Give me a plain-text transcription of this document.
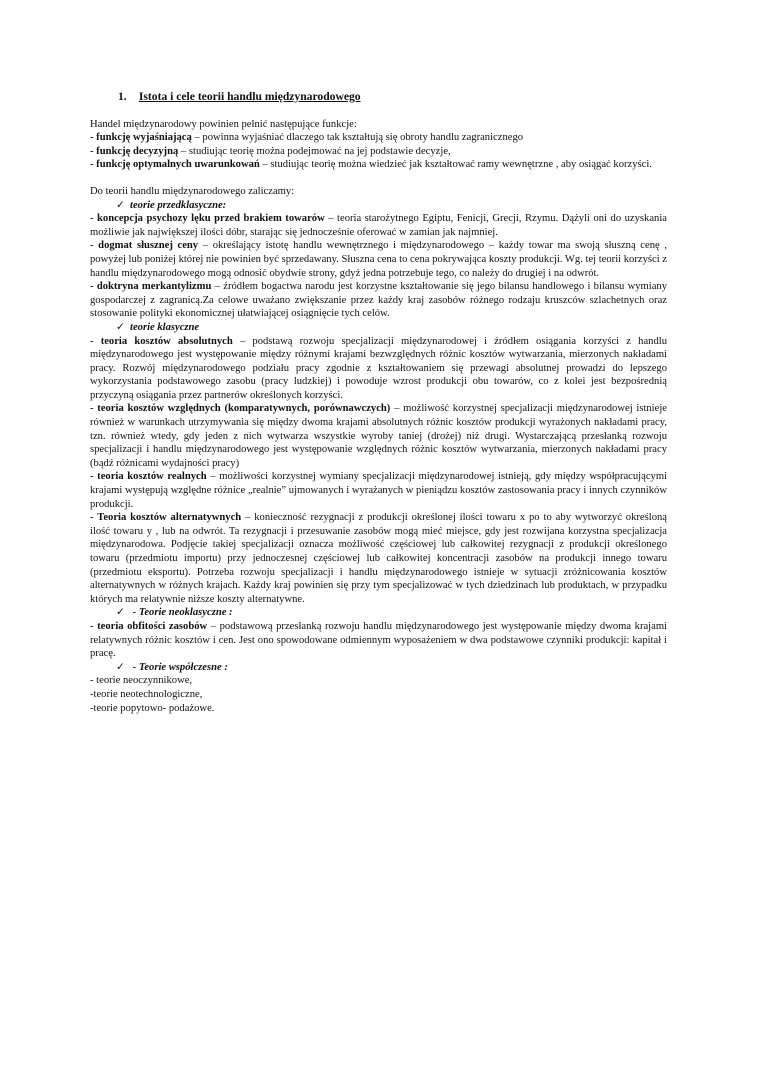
1. Istota i cele teorii handlu międzynarodowego

Handel międzynarodowy powinien pełnić następujące funkcje:

- funkcję wyjaśniającą – powinna wyjaśniać dlaczego tak kształtują się obroty handlu zagranicznego

- funkcję decyzyjną – studiując teorię można podejmować na jej podstawie decyzje,

- funkcję optymalnych uwarunkowań – studiując teorię można wiedzieć jak kształtować ramy wewnętrzne , aby osiągać korzyści.

Do teorii handlu międzynarodowego zaliczamy:

✓ teorie przedklasyczne:

- koncepcja psychozy lęku przed brakiem towarów – teoria starożytnego Egiptu, Fenicji, Grecji, Rzymu. Dążyli oni do uzyskania możliwie jak największej ilości dóbr, starając się jednocześnie oferować w zamian jak najmniej.

- dogmat słusznej ceny – określający istotę handlu wewnętrznego i międzynarodowego – każdy towar ma swoją słuszną cenę , powyżej lub poniżej której nie powinien być sprzedawany. Słuszna cena to cena pokrywająca koszty produkcji. Wg. tej teorii korzyści z handlu międzynarodowego mogą odnosić obydwie strony, gdyż jedna potrzebuje tego, co należy do drugiej i na odwrót.

- doktryna merkantylizmu – źródłem bogactwa narodu jest korzystne kształtowanie się jego bilansu handlowego i bilansu wymiany gospodarczej z zagranicą.Za celowe uważano zwiększanie przez każdy kraj zasobów różnego rodzaju kruszców szlachetnych oraz stosowanie polityki ekonomicznej ułatwiającej osiągnięcie tych celów.

✓ teorie klasyczne

- teoria kosztów absolutnych – podstawą rozwoju specjalizacji międzynarodowej i źródłem osiągania korzyści z handlu międzynarodowego jest występowanie między różnymi krajami bezwzględnych różnic kosztów wytwarzania, mierzonych nakładami pracy. Rozwój międzynarodowego podziału pracy zgodnie z kształtowaniem się przewagi absolutnej prowadzi do lepszego wykorzystania podstawowego zasobu (pracy ludzkiej) i powoduje wzrost produkcji obu towarów, co z kolei jest bezpośrednią przyczyną osiągania przez partnerów określonych korzyści.

- teoria kosztów względnych (komparatywnych, porównawczych) – możliwość korzystnej specjalizacji międzynarodowej istnieje również w warunkach utrzymywania się między dwoma krajami absolutnych różnic kosztów produkcji wyrażonych nakładami pracy, tzn. również wtedy, gdy jeden z nich wytwarza wszystkie wyroby taniej (drożej) niż drugi. Wystarczającą przesłanką rozwoju specjalizacji i handlu międzynarodowego jest występowanie względnych różnic kosztów wytwarzania, mierzonych nakładami pracy (bądź różnicami wydajności pracy)

- teoria kosztów realnych – możliwości korzystnej wymiany specjalizacji międzynarodowej istnieją, gdy między współpracującymi krajami występują względne różnice „realnie” ujmowanych i wyrażanych w pieniądzu kosztów zastosowania pracy i innych czynników produkcji.

- Teoria kosztów alternatywnych – konieczność rezygnacji z produkcji określonej ilości towaru x po to aby wytworzyć określoną ilość towaru y , lub na odwrót. Ta rezygnacji i przesuwanie zasobów mogą mieć miejsce, gdy jest rozwijana korzystna specjalizacja międzynarodowa. Podjęcie takiej specjalizacji oznacza możliwość częściowej lub całkowitej rezygnacji z produkcji określonego towaru (przedmiotu importu) przy jednoczesnej częściowej lub całkowitej koncentracji zasobów na produkcji innego towaru (przedmiotu eksportu). Potrzeba rozwoju specjalizacji i handlu międzynarodowego istnieje w sytuacji zróżnicowania kosztów alternatywnych w różnych krajach. Każdy kraj powinien się przy tym specjalizować w tych dziedzinach lub produktach, w przypadku których ma relatywnie niższe koszty alternatywne.

✓ - Teorie neoklasyczne :

- teoria obfitości zasobów – podstawową przesłanką rozwoju handlu międzynarodowego jest występowanie między dwoma krajami relatywnych różnic kosztów i cen. Jest ono spowodowane odmiennym wyposażeniem w dwa podstawowe czynniki produkcji: kapitał i pracę.

✓ - Teorie współczesne :

- teorie neoczynnikowe,

-teorie neotechnologiczne,

-teorie popytowo- podażowe.
